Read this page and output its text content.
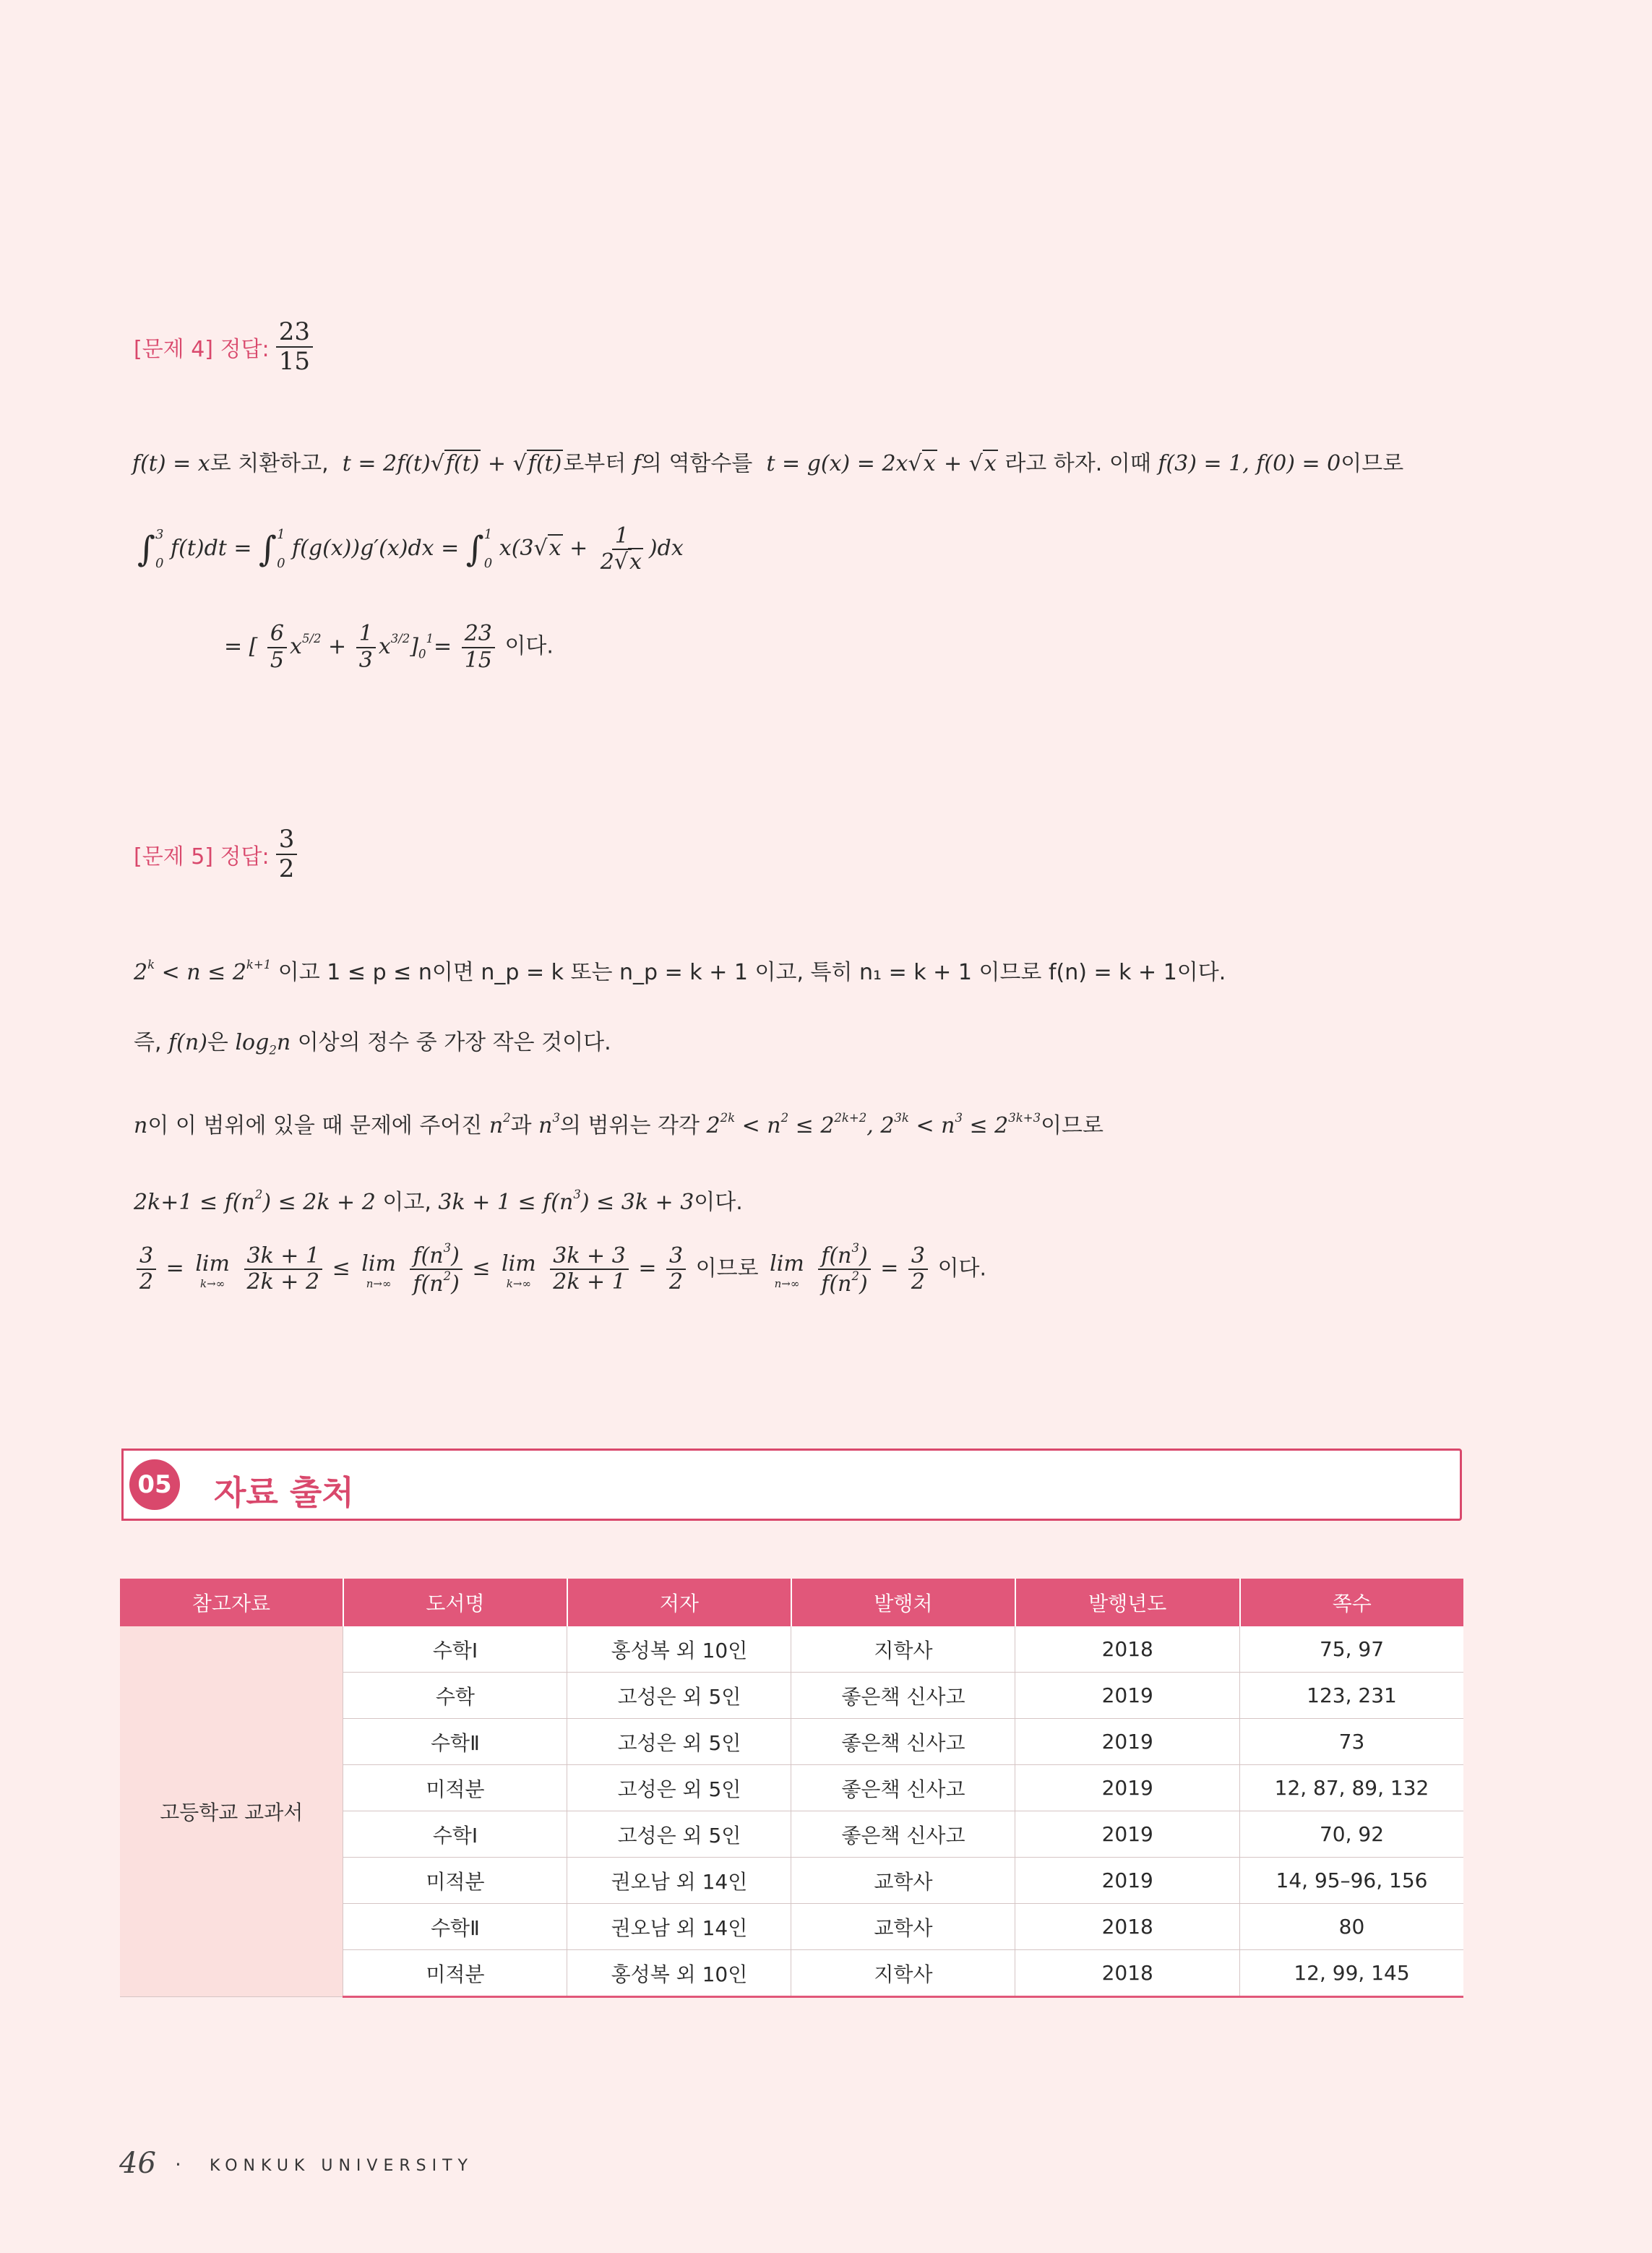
[문제 4] 정답: $\frac{23}{15}$
f(t) = x로 치환하고, t = 2f(t)√f(t) + √f(t)로부터 f의 역함수를 t = g(x) = 2x√x + √x 라고 하자. 이때 f(3) = 1, f(0) = 0이므로
∫ 3
0
f(t)dt = ∫ 1
0
f(g(x))g′(x)dx = ∫ 1
0
$x(3√x + \frac{1}{2√x} )dx$
= [ $\frac{6}{5} x^{5/2} + \frac{1}{3} x^{3/2}]_0^1= \frac{23}{15}$ 이다.
[문제 5] 정답: $\frac{3}{2}$
$2^k < n \le 2^{k+1}$ 이고 1 ≤ p ≤ n이면 n_p = k 또는 n_p = k + 1 이고, 특히 n₁ = k + 1 이므로 f(n) = k + 1이다.
즉, f(n)은 $\log_2n$ 이상의 정수 중 가장 작은 것이다.
n이 이 범위에 있을 때 문제에 주어진 $n^2$과 $n^3$의 범위는 각각 $2^{2k} < n^2 \le 2^{2k+2}$, $2^{3k} < n^3 \le 2^{3k+3}$이므로
$2k+1 \le f(n^2) \le 2k + 2$ 이고, $3k + 1 \le f(n^3) \le 3k + 3$이다.
$\frac{3}{2} = \lim$
k→∞
$\frac{3k + 1}{2k + 2} \le \lim$
n→∞
$\frac{f(n^3)}{f(n^2)} \le \lim$
k→∞
$\frac{3k + 3}{2k + 1} = \frac{3}{2}$ 이므로 lim
n→∞
$\frac{f(n^3)}{f(n^2)} = \frac{3}{2}$ 이다.
05 자료 출처
참고자료	도서명	저자	발행처	발행년도	쪽수
고등학교 교과서	수학Ⅰ	홍성복 외 10인	지학사	2018	75, 97
	수학	고성은 외 5인	좋은책 신사고	2019	123, 231
	수학Ⅱ	고성은 외 5인	좋은책 신사고	2019	73
	미적분	고성은 외 5인	좋은책 신사고	2019	12, 87, 89, 132
	수학Ⅰ	고성은 외 5인	좋은책 신사고	2019	70, 92
	미적분	권오남 외 14인	교학사	2019	14, 95–96, 156
	수학Ⅱ	권오남 외 14인	교학사	2018	80
	미적분	홍성복 외 10인	지학사	2018	12, 99, 145
46 · KONKUK UNIVERSITY
